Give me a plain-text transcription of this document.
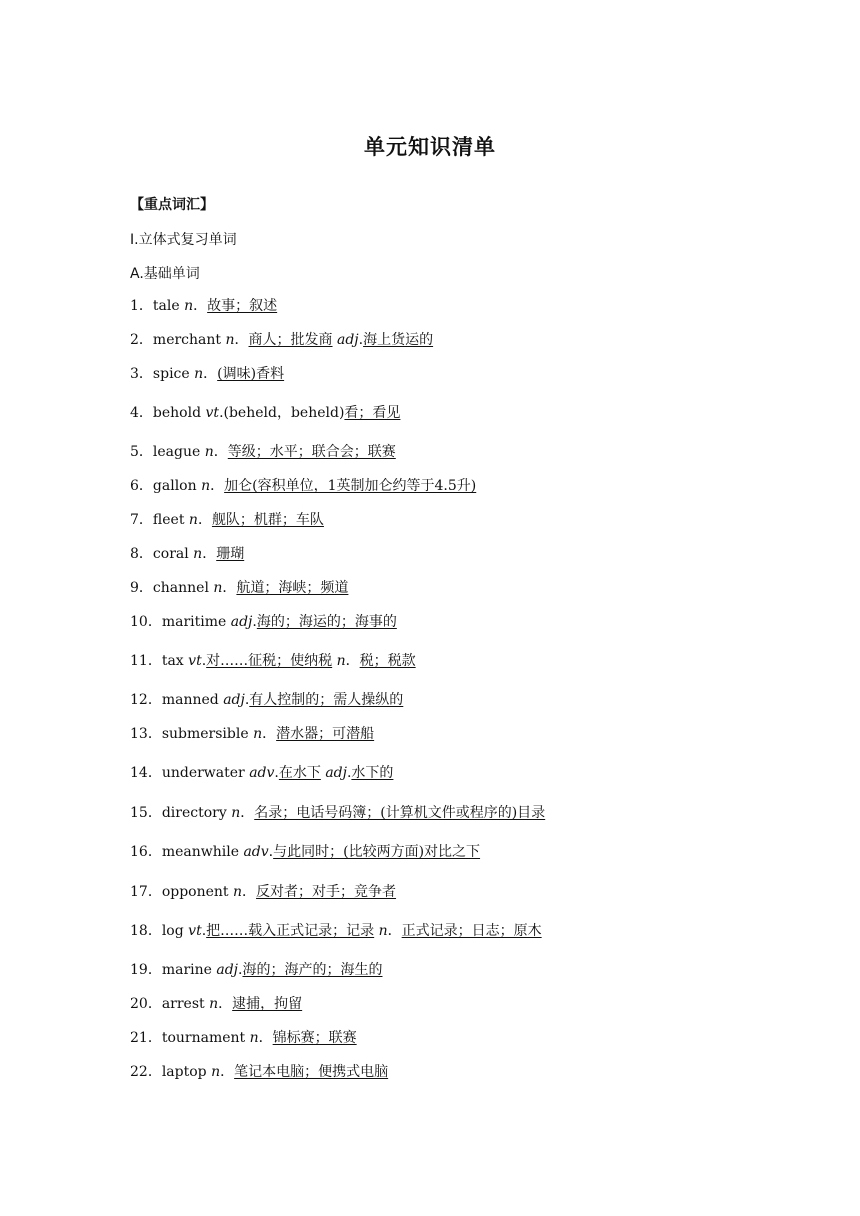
单元知识清单
【重点词汇】
Ⅰ.立体式复习单词
A.基础单词
1．tale n．故事；叙述
2．merchant n．商人；批发商 adj.海上货运的
3．spice n．(调味)香料
4．behold vt.(beheld，beheld)看；看见
5．league n．等级；水平；联合会；联赛
6．gallon n．加仑(容积单位，1英制加仑约等于4.5升)
7．fleet n．舰队；机群；车队
8．coral n．珊瑚
9．channel n．航道；海峡；频道
10．maritime adj.海的；海运的；海事的
11．tax vt.对……征税；使纳税 n．税；税款
12．manned adj.有人控制的；需人操纵的
13．submersible n．潜水器；可潜船
14．underwater adv.在水下 adj.水下的
15．directory n．名录；电话号码簿；(计算机文件或程序的)目录
16．meanwhile adv.与此同时；(比较两方面)对比之下
17．opponent n．反对者；对手；竞争者
18．log vt.把……载入正式记录；记录 n．正式记录；日志；原木
19．marine adj.海的；海产的；海生的
20．arrest n．逮捕，拘留
21．tournament n．锦标赛；联赛
22．laptop n．笔记本电脑；便携式电脑
